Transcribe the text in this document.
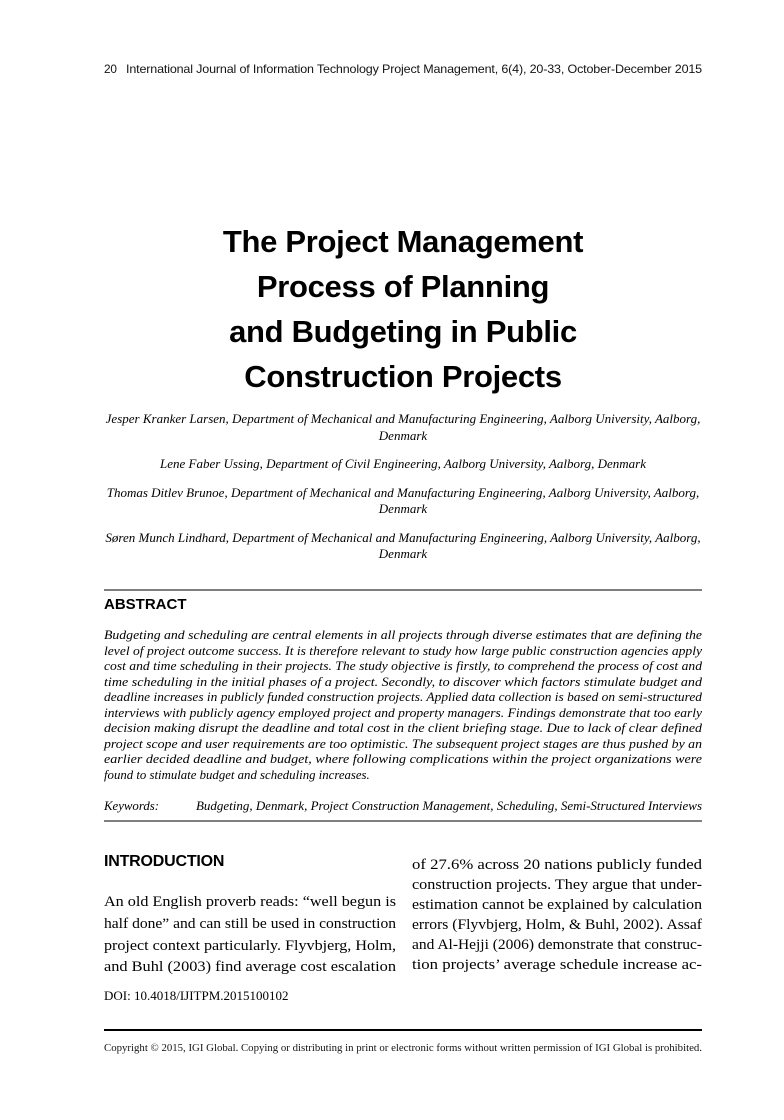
20 International Journal of Information Technology Project Management, 6(4), 20-33, October-December 2015
The Project Management
Process of Planning
and Budgeting in Public
Construction Projects
Jesper Kranker Larsen, Department of Mechanical and Manufacturing Engineering, Aalborg University, Aalborg, Denmark
Lene Faber Ussing, Department of Civil Engineering, Aalborg University, Aalborg, Denmark
Thomas Ditlev Brunoe, Department of Mechanical and Manufacturing Engineering, Aalborg University, Aalborg, Denmark
Søren Munch Lindhard, Department of Mechanical and Manufacturing Engineering, Aalborg University, Aalborg, Denmark
ABSTRACT
Budgeting and scheduling are central elements in all projects through diverse estimates that are defining the
level of project outcome success. It is therefore relevant to study how large public construction agencies apply
cost and time scheduling in their projects. The study objective is firstly, to comprehend the process of cost and
time scheduling in the initial phases of a project. Secondly, to discover which factors stimulate budget and
deadline increases in publicly funded construction projects. Applied data collection is based on semi-structured
interviews with publicly agency employed project and property managers. Findings demonstrate that too early
decision making disrupt the deadline and total cost in the client briefing stage. Due to lack of clear defined
project scope and user requirements are too optimistic. The subsequent project stages are thus pushed by an
earlier decided deadline and budget, where following complications within the project organizations were
found to stimulate budget and scheduling increases.
Keywords:	Budgeting, Denmark, Project Construction Management, Scheduling, Semi-Structured Interviews
INTRODUCTION
An old English proverb reads: “well begun is
half done” and can still be used in construction
project context particularly. Flyvbjerg, Holm,
and Buhl (2003) find average cost escalation
of 27.6% across 20 nations publicly funded
construction projects. They argue that under-
estimation cannot be explained by calculation
errors (Flyvbjerg, Holm, & Buhl, 2002). Assaf
and Al-Hejji (2006) demonstrate that construc-
tion projects’ average schedule increase ac-
DOI: 10.4018/IJITPM.2015100102
Copyright © 2015, IGI Global. Copying or distributing in print or electronic forms without written permission of IGI Global is prohibited.
